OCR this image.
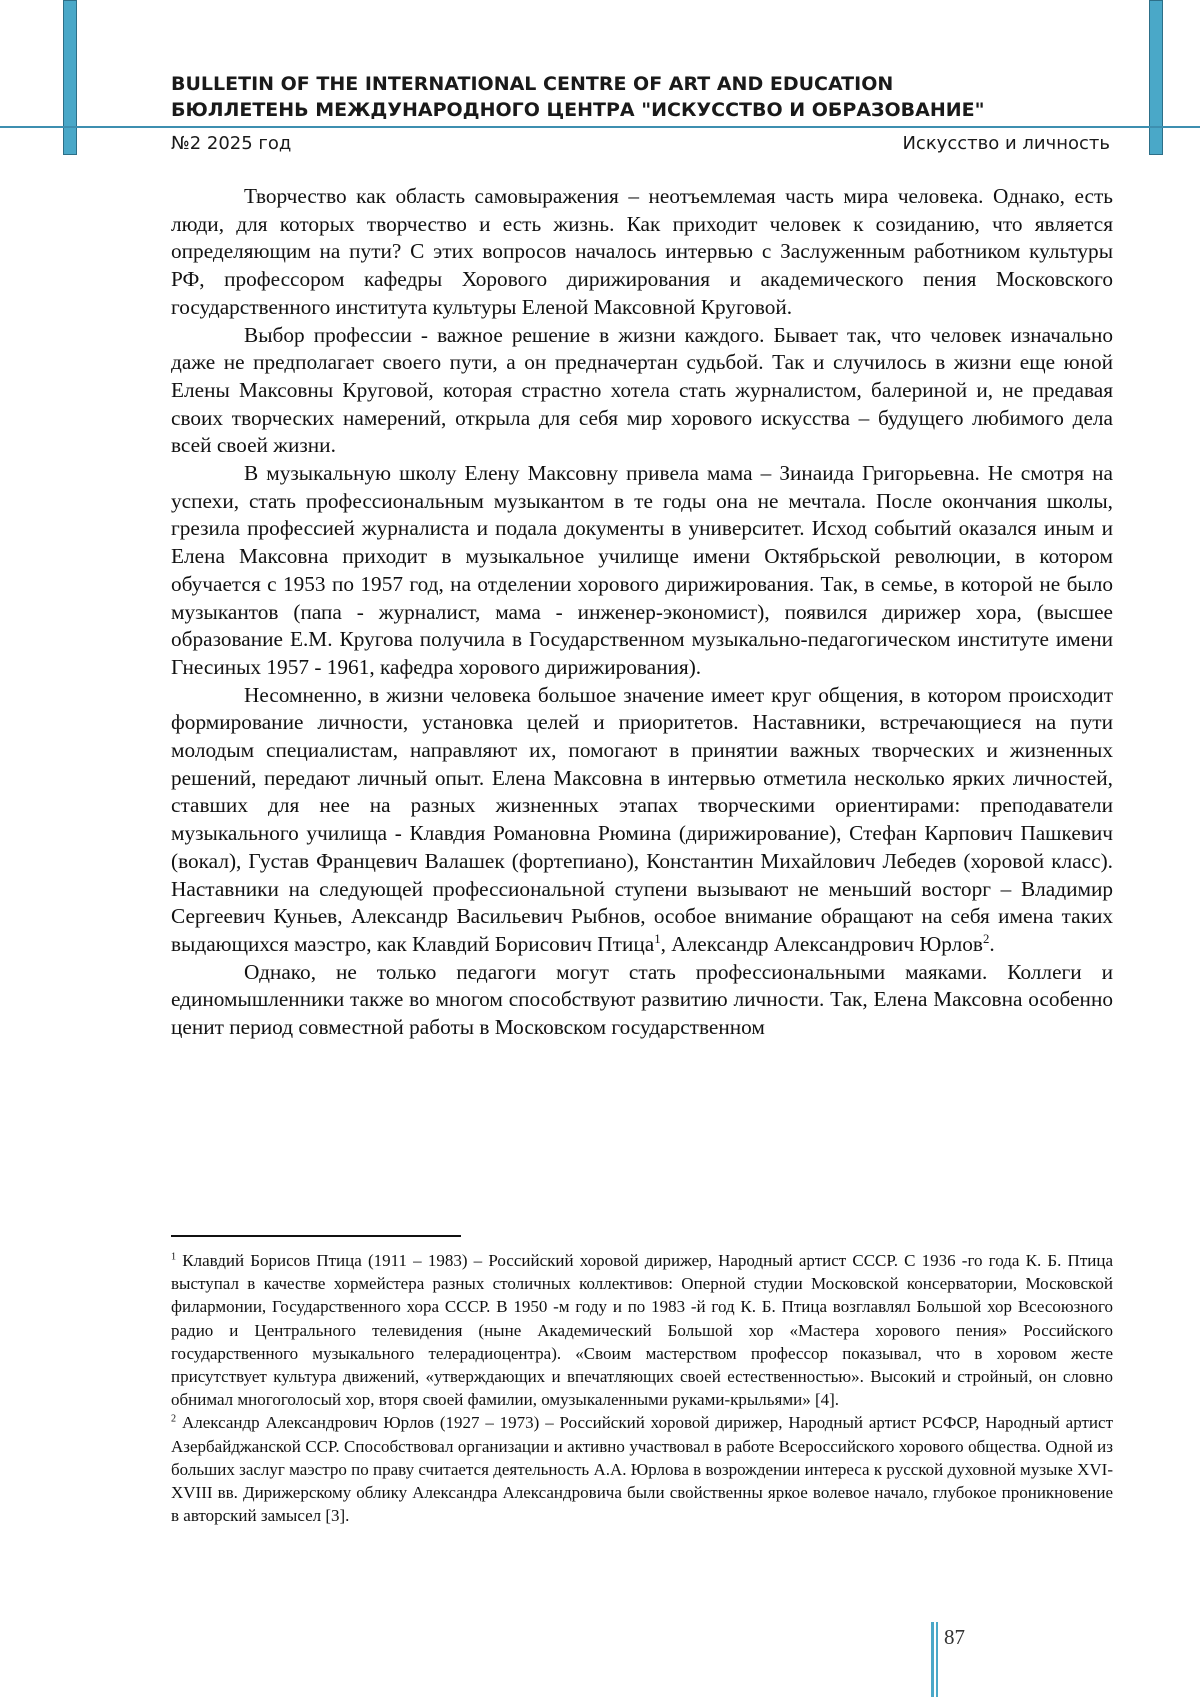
BULLETIN OF THE INTERNATIONAL CENTRE OF ART AND EDUCATION
БЮЛЛЕТЕНЬ МЕЖДУНАРОДНОГО ЦЕНТРА "ИСКУССТВО И ОБРАЗОВАНИЕ"
№2 2025 год	Искусство и личность

Творчество как область самовыражения – неотъемлемая часть мира человека. Однако, есть люди, для которых творчество и есть жизнь. Как приходит человек к созиданию, что является определяющим на пути? С этих вопросов началось интервью с Заслуженным работником культуры РФ, профессором кафедры Хорового дирижирования и академического пения Московского государственного института культуры Еленой Максовной Круговой.

Выбор профессии - важное решение в жизни каждого. Бывает так, что человек изначально даже не предполагает своего пути, а он предначертан судьбой. Так и случилось в жизни еще юной Елены Максовны Круговой, которая страстно хотела стать журналистом, балериной и, не предавая своих творческих намерений, открыла для себя мир хорового искусства – будущего любимого дела всей своей жизни.

В музыкальную школу Елену Максовну привела мама – Зинаида Григорьевна. Не смотря на успехи, стать профессиональным музыкантом в те годы она не мечтала. После окончания школы, грезила профессией журналиста и подала документы в университет. Исход событий оказался иным и Елена Максовна приходит в музыкальное училище имени Октябрьской революции, в котором обучается с 1953 по 1957 год, на отделении хорового дирижирования. Так, в семье, в которой не было музыкантов (папа - журналист, мама - инженер-экономист), появился дирижер хора, (высшее образование Е.М. Кругова получила в Государственном музыкально-педагогическом институте имени Гнесиных 1957 - 1961, кафедра хорового дирижирования).

Несомненно, в жизни человека большое значение имеет круг общения, в котором происходит формирование личности, установка целей и приоритетов. Наставники, встречающиеся на пути молодым специалистам, направляют их, помогают в принятии важных творческих и жизненных решений, передают личный опыт. Елена Максовна в интервью отметила несколько ярких личностей, ставших для нее на разных жизненных этапах творческими ориентирами: преподаватели музыкального училища - Клавдия Романовна Рюмина (дирижирование), Стефан Карпович Пашкевич (вокал), Густав Францевич Валашек (фортепиано), Константин Михайлович Лебедев (хоровой класс). Наставники на следующей профессиональной ступени вызывают не меньший восторг – Владимир Сергеевич Куньев, Александр Васильевич Рыбнов, особое внимание обращают на себя имена таких выдающихся маэстро, как Клавдий Борисович Птица$^1$, Александр Александрович Юрлов$^2$.

Однако, не только педагоги могут стать профессиональными маяками. Коллеги и единомышленники также во многом способствуют развитию личности. Так, Елена Максовна особенно ценит период совместной работы в Московском государственном

$^1$ Клавдий Борисов Птица (1911 – 1983) – Российский хоровой дирижер, Народный артист СССР. С 1936 -го года К. Б. Птица выступал в качестве хормейстера разных столичных коллективов: Оперной студии Московской консерватории, Московской филармонии, Государственного хора СССР. В 1950 -м году и по 1983 -й год К. Б. Птица возглавлял Большой хор Всесоюзного радио и Центрального телевидения (ныне Академический Большой хор «Мастера хорового пения» Российского государственного музыкального телерадиоцентра). «Своим мастерством профессор показывал, что в хоровом жесте присутствует культура движений, «утверждающих и впечатляющих своей естественностью». Высокий и стройный, он словно обнимал многоголосый хор, вторя своей фамилии, омузыкаленными руками-крыльями» [4].

$^2$ Александр Александрович Юрлов (1927 – 1973) – Российский хоровой дирижер, Народный артист РСФСР, Народный артист Азербайджанской ССР. Способствовал организации и активно участвовал в работе Всероссийского хорового общества. Одной из больших заслуг маэстро по праву считается деятельность А.А. Юрлова в возрождении интереса к русской духовной музыке XVI-XVIII вв. Дирижерскому облику Александра Александровича были свойственны яркое волевое начало, глубокое проникновение в авторский замысел [3].

87
